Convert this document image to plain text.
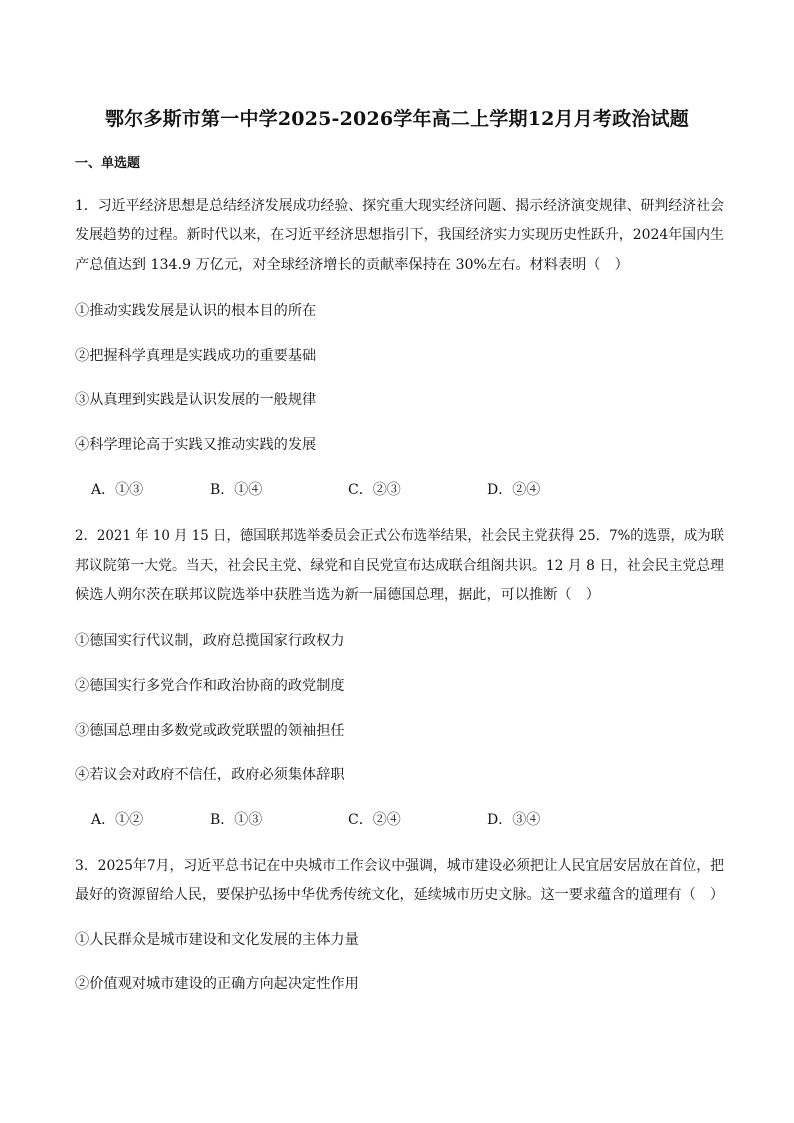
鄂尔多斯市第一中学2025-2026学年高二上学期12月月考政治试题
一、单选题
1．习近平经济思想是总结经济发展成功经验、探究重大现实经济问题、揭示经济演变规律、研判经济社会
发展趋势的过程。新时代以来，在习近平经济思想指引下，我国经济实力实现历史性跃升，2024年国内生
产总值达到 134.9 万亿元，对全球经济增长的贡献率保持在 30%左右。材料表明（　）
①推动实践发展是认识的根本目的所在
②把握科学真理是实践成功的重要基础
③从真理到实践是认识发展的一般规律
④科学理论高于实践又推动实践的发展
A．①③	B．①④	C．②③	D．②④
2．2021 年 10 月 15 日，德国联邦选举委员会正式公布选举结果，社会民主党获得 25．7%的选票，成为联
邦议院第一大党。当天，社会民主党、绿党和自民党宣布达成联合组阁共识。12 月 8 日，社会民主党总理
候选人朔尔茨在联邦议院选举中获胜当选为新一届德国总理，据此，可以推断（　）
①德国实行代议制，政府总揽国家行政权力
②德国实行多党合作和政治协商的政党制度
③德国总理由多数党或政党联盟的领袖担任
④若议会对政府不信任，政府必须集体辞职
A．①②	B．①③	C．②④	D．③④
3．2025年7月，习近平总书记在中央城市工作会议中强调，城市建设必须把让人民宜居安居放在首位，把
最好的资源留给人民，要保护弘扬中华优秀传统文化，延续城市历史文脉。这一要求蕴含的道理有（　）
①人民群众是城市建设和文化发展的主体力量
②价值观对城市建设的正确方向起决定性作用
